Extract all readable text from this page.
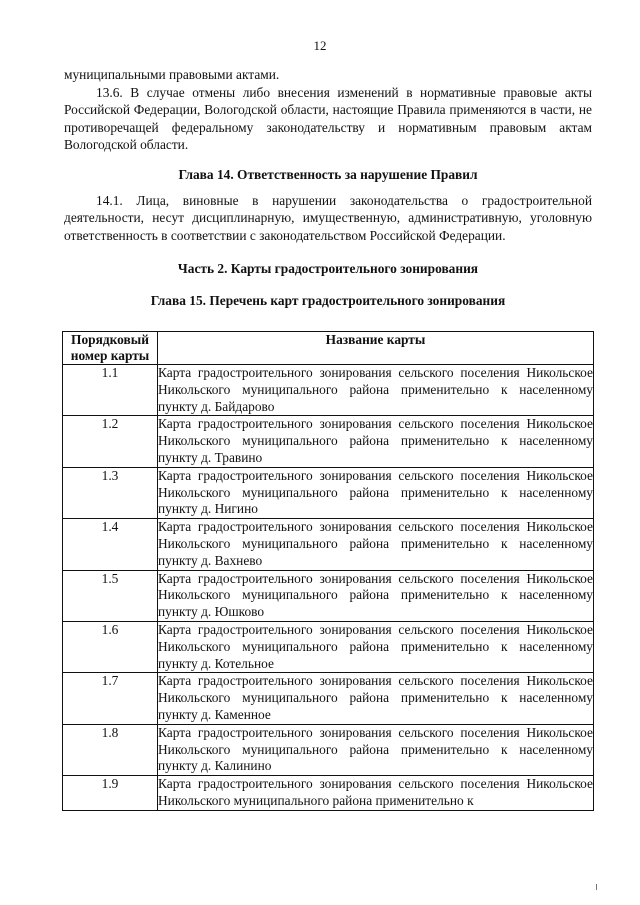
12

муниципальными правовыми актами.

13.6. В случае отмены либо внесения изменений в нормативные правовые акты Российской Федерации, Вологодской области, настоящие Правила применяются в части, не противоречащей федеральному законодательству и нормативным правовым актам Вологодской области.

Глава 14. Ответственность за нарушение Правил

14.1. Лица, виновные в нарушении законодательства о градостроительной деятельности, несут дисциплинарную, имущественную, административную, уголовную ответственность в соответствии с законодательством Российской Федерации.

Часть 2. Карты градостроительного зонирования

Глава 15. Перечень карт градостроительного зонирования

Порядковый номер карты	Название карты
1.1	Карта градостроительного зонирования сельского поселения Никольское Никольского муниципального района применительно к населенному пункту д. Байдарово

1.2	Карта градостроительного зонирования сельского поселения Никольское Никольского муниципального района применительно к населенному пункту д. Травино

1.3	Карта градостроительного зонирования сельского поселения Никольское Никольского муниципального района применительно к населенному пункту д. Нигино

1.4	Карта градостроительного зонирования сельского поселения Никольское Никольского муниципального района применительно к населенному пункту д. Вахнево

1.5	Карта градостроительного зонирования сельского поселения Никольское Никольского муниципального района применительно к населенному пункту д. Юшково

1.6	Карта градостроительного зонирования сельского поселения Никольское Никольского муниципального района применительно к населенному пункту д. Котельное

1.7	Карта градостроительного зонирования сельского поселения Никольское Никольского муниципального района применительно к населенному пункту д. Каменное

1.8	Карта градостроительного зонирования сельского поселения Никольское Никольского муниципального района применительно к населенному пункту д. Калинино

1.9	Карта градостроительного зонирования сельского поселения Никольское Никольского муниципального района применительно к
